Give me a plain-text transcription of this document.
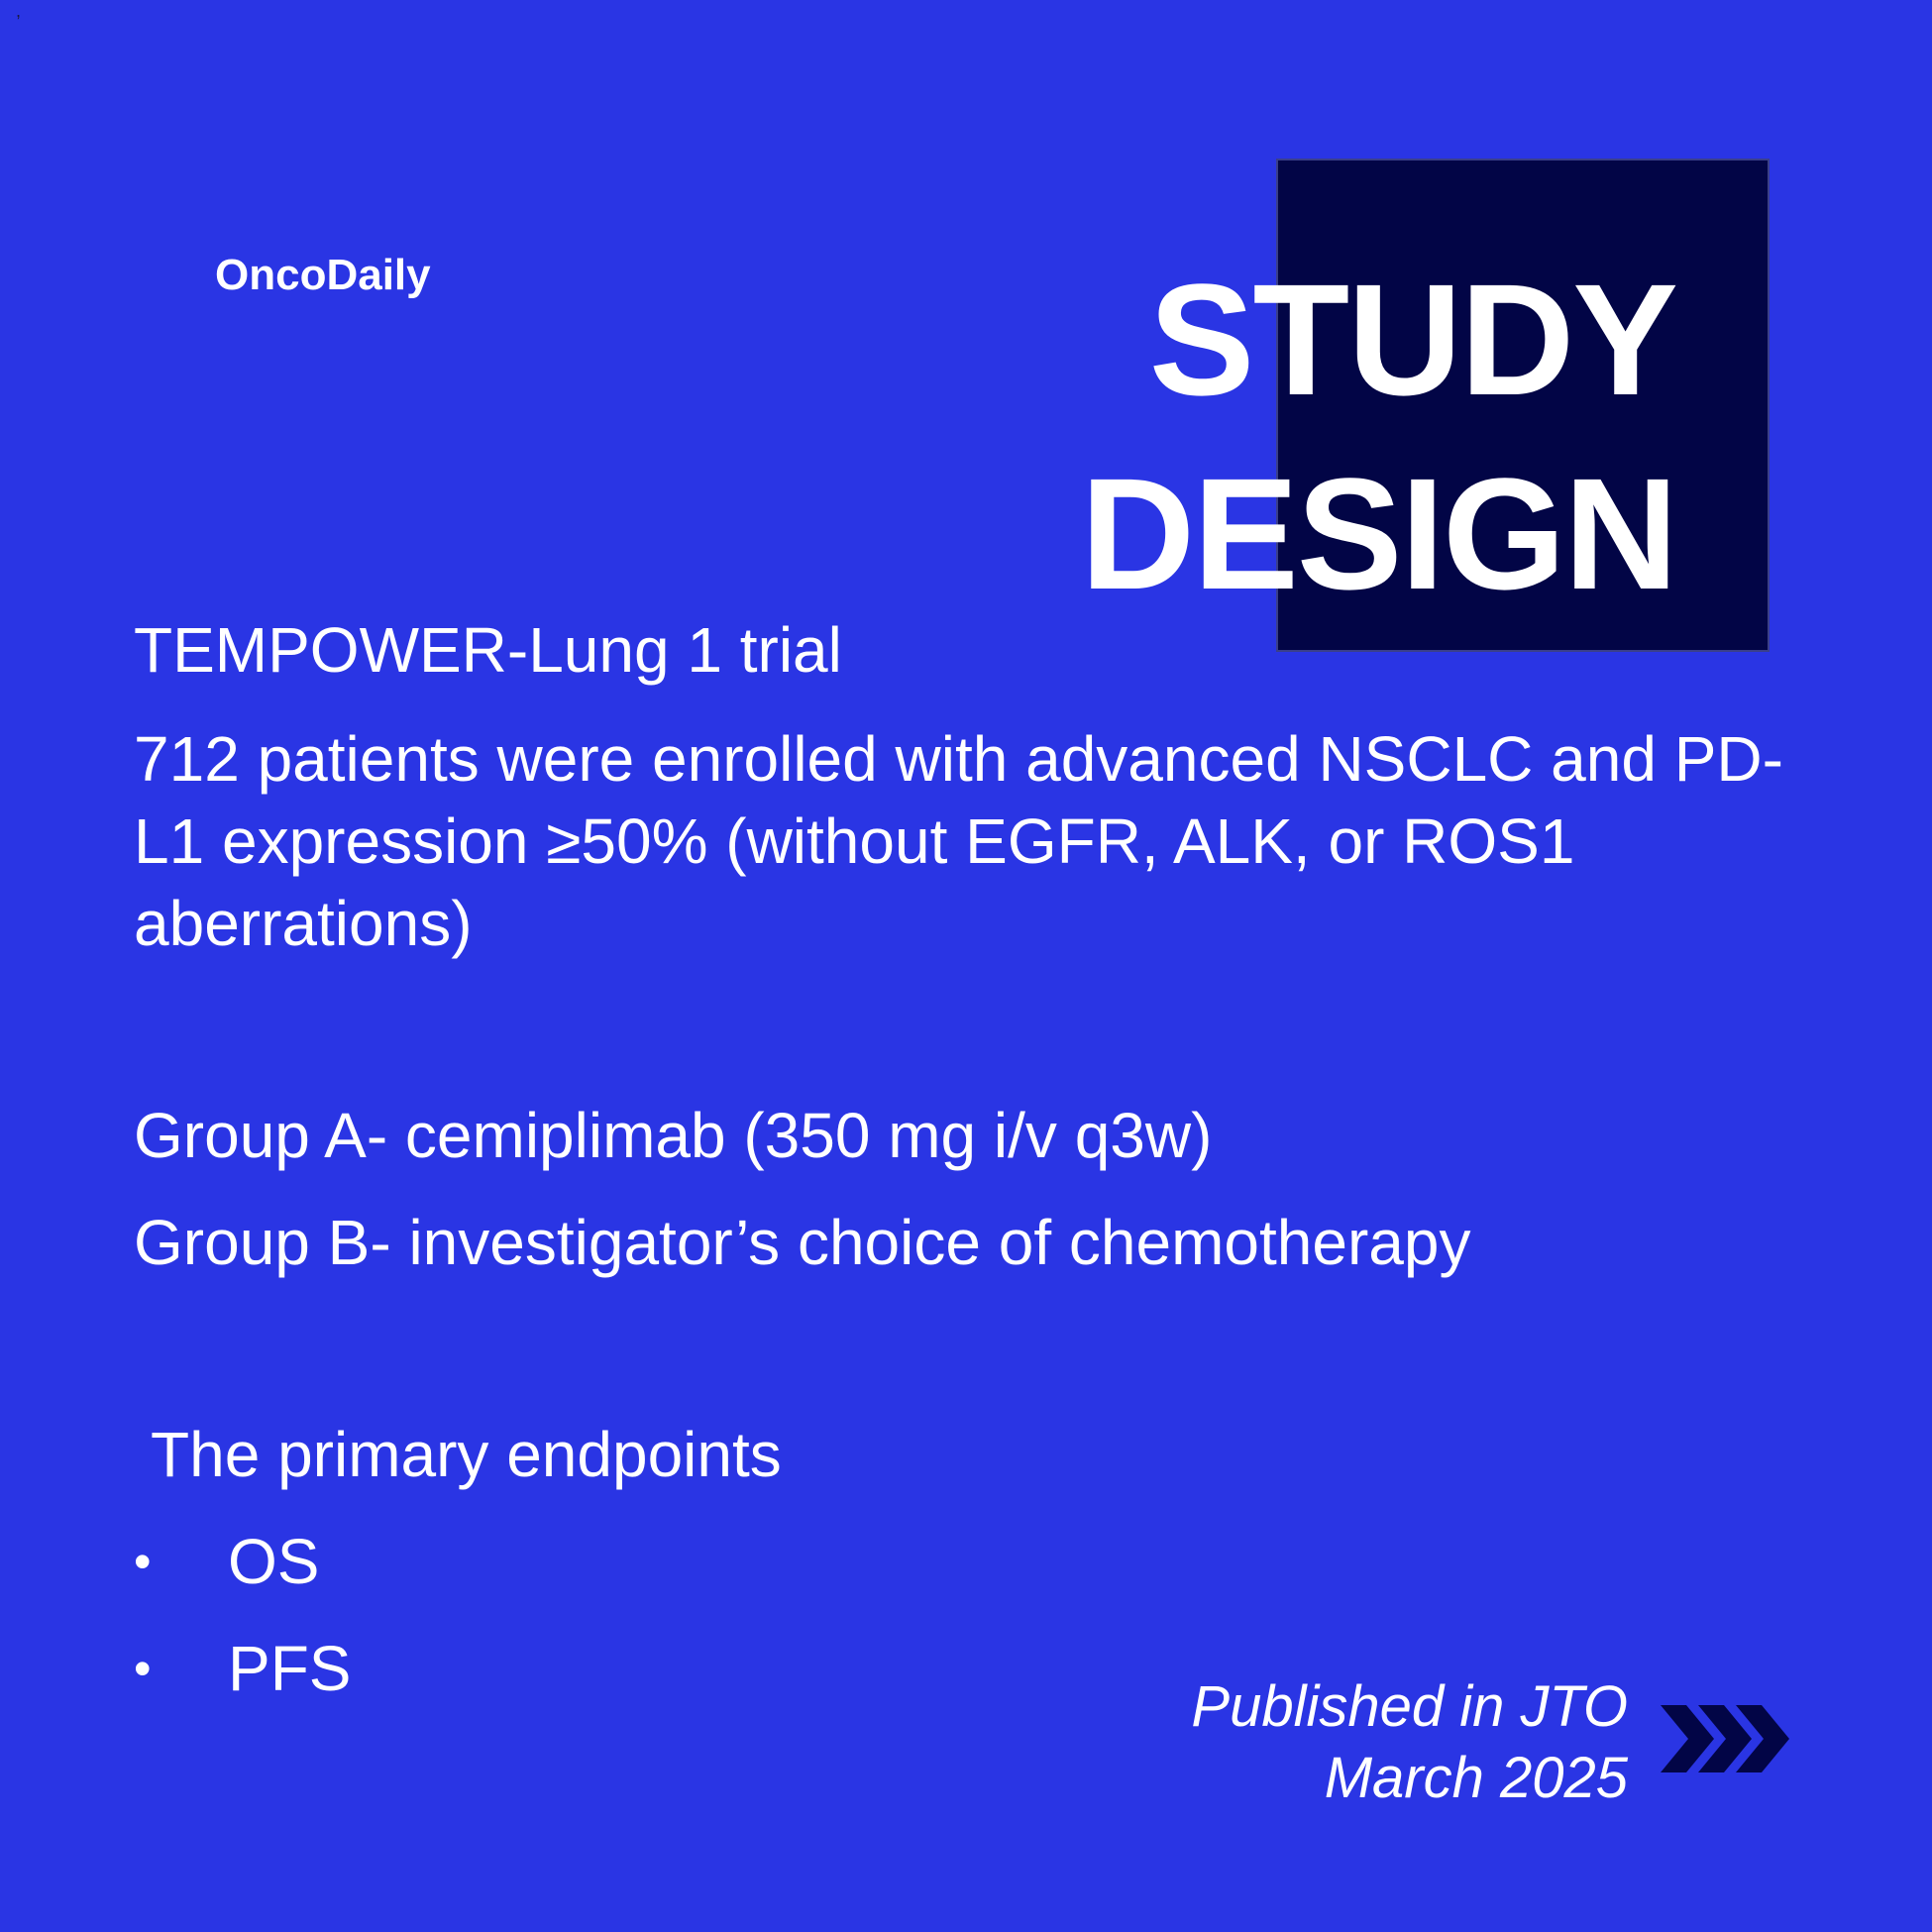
,
OncoDaily	STUDY
DESIGN
TEMPOWER-Lung 1 trial
712 patients were enrolled with advanced NSCLC and PD-L1 expression ≥50% (without EGFR, ALK, or ROS1 aberrations)
Group A- cemiplimab (350 mg i/v q3w)
Group B- investigator’s choice of chemotherapy
The primary endpoints
•	OS
•	PFS
Published in JTO
March 2025
